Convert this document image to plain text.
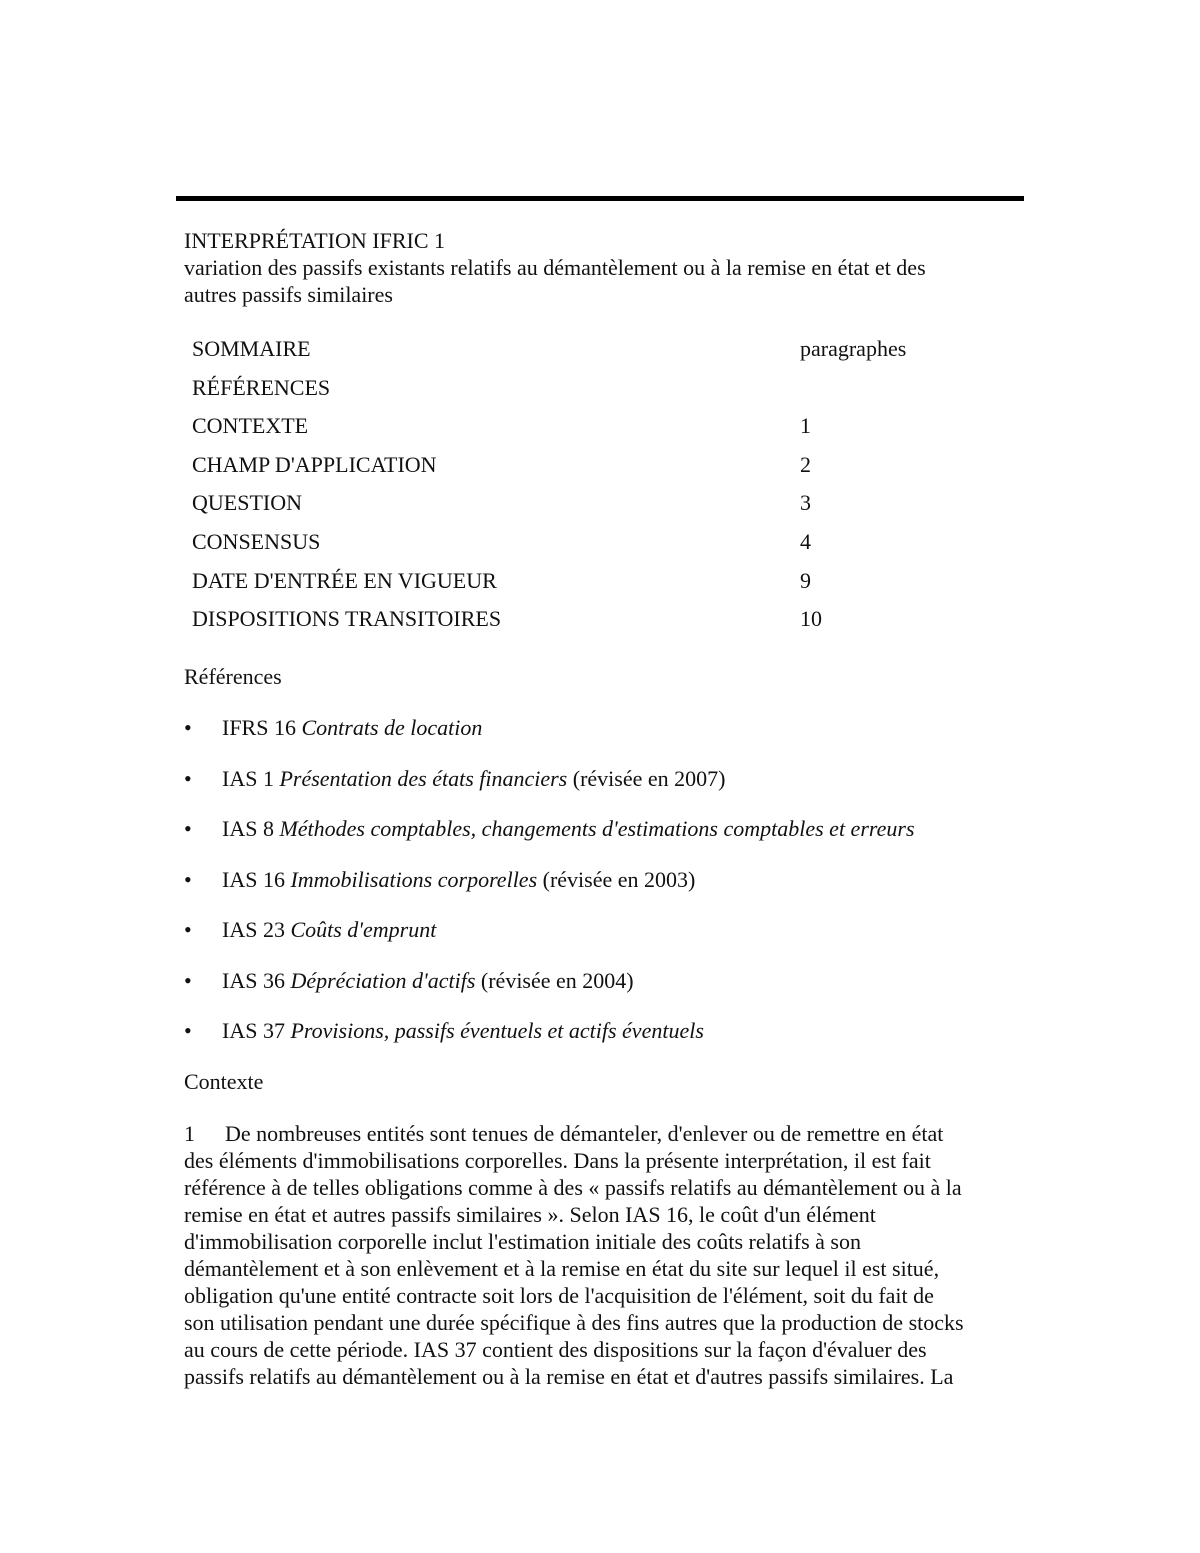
INTERPRÉTATION IFRIC 1
variation des passifs existants relatifs au démantèlement ou à la remise en état et des
autres passifs similaires
SOMMAIRE	paragraphes
RÉFÉRENCES
CONTEXTE	1
CHAMP D'APPLICATION	2
QUESTION	3
CONSENSUS	4
DATE D'ENTRÉE EN VIGUEUR	9
DISPOSITIONS TRANSITOIRES	10
Références
• IFRS 16 Contrats de location
• IAS 1 Présentation des états financiers (révisée en 2007)
• IAS 8 Méthodes comptables, changements d'estimations comptables et erreurs
• IAS 16 Immobilisations corporelles (révisée en 2003)
• IAS 23 Coûts d'emprunt
• IAS 36 Dépréciation d'actifs (révisée en 2004)
• IAS 37 Provisions, passifs éventuels et actifs éventuels
Contexte
1 De nombreuses entités sont tenues de démanteler, d'enlever ou de remettre en état
des éléments d'immobilisations corporelles. Dans la présente interprétation, il est fait
référence à de telles obligations comme à des « passifs relatifs au démantèlement ou à la
remise en état et autres passifs similaires ». Selon IAS 16, le coût d'un élément
d'immobilisation corporelle inclut l'estimation initiale des coûts relatifs à son
démantèlement et à son enlèvement et à la remise en état du site sur lequel il est situé,
obligation qu'une entité contracte soit lors de l'acquisition de l'élément, soit du fait de
son utilisation pendant une durée spécifique à des fins autres que la production de stocks
au cours de cette période. IAS 37 contient des dispositions sur la façon d'évaluer des
passifs relatifs au démantèlement ou à la remise en état et d'autres passifs similaires. La
